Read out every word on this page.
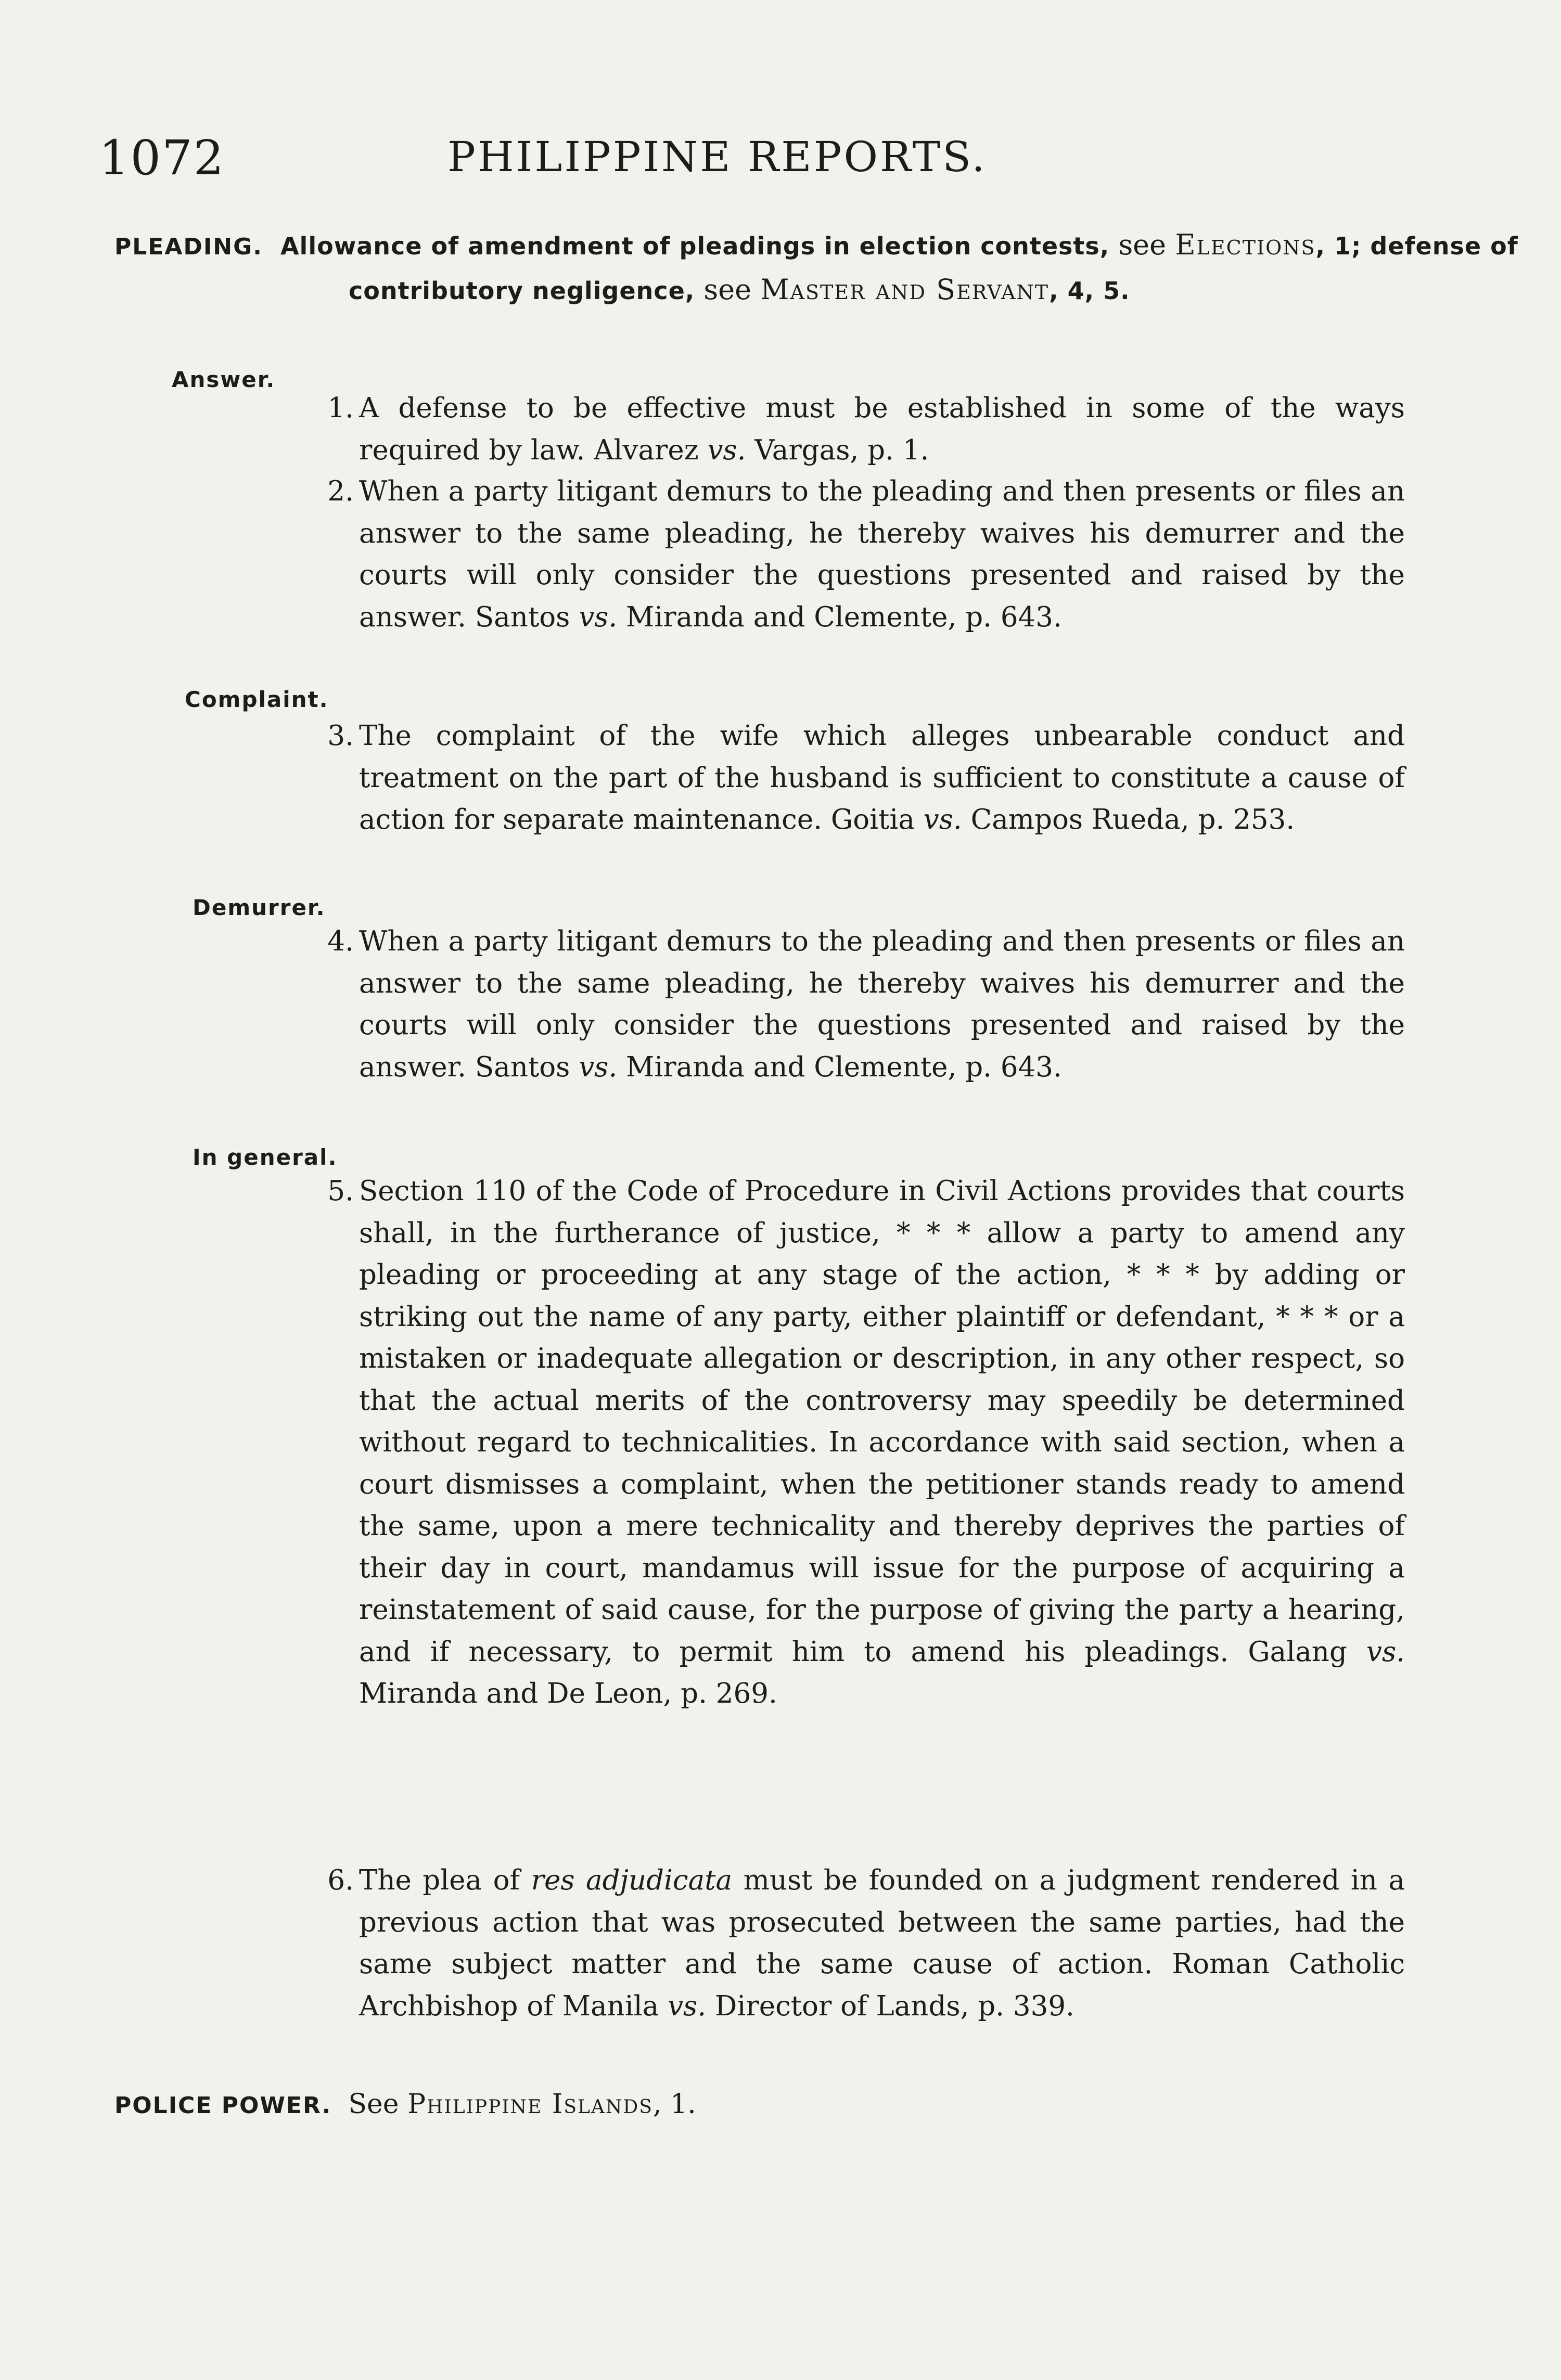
1072	PHILIPPINE REPORTS.
PLEADING. Allowance of amendment of pleadings in election contests, see Elections, 1; defense of contributory negligence, see Master and Servant, 4, 5.
Answer.
1. A defense to be effective must be established in some of the ways required by law. Alvarez vs. Vargas, p. 1.
2. When a party litigant demurs to the pleading and then presents or files an answer to the same pleading, he thereby waives his demurrer and the courts will only consider the questions presented and raised by the answer. Santos vs. Miranda and Clemente, p. 643.
Complaint.
3. The complaint of the wife which alleges unbearable conduct and treatment on the part of the husband is sufficient to constitute a cause of action for separate maintenance. Goitia vs. Campos Rueda, p. 253.
Demurrer.
4. When a party litigant demurs to the pleading and then presents or files an answer to the same pleading, he thereby waives his demurrer and the courts will only consider the questions presented and raised by the answer. Santos vs. Miranda and Clemente, p. 643.
In general.
5. Section 110 of the Code of Procedure in Civil Actions provides that courts shall, in the furtherance of justice, * * * allow a party to amend any pleading or proceeding at any stage of the action, * * * by adding or striking out the name of any party, either plaintiff or defendant, * * * or a mistaken or inadequate allegation or description, in any other respect, so that the actual merits of the controversy may speedily be determined without regard to technicalities. In accordance with said section, when a court dismisses a complaint, when the petitioner stands ready to amend the same, upon a mere technicality and thereby deprives the parties of their day in court, mandamus will issue for the purpose of acquiring a reinstatement of said cause, for the purpose of giving the party a hearing, and if necessary, to permit him to amend his pleadings. Galang vs. Miranda and De Leon, p. 269.
6. The plea of res adjudicata must be founded on a judgment rendered in a previous action that was prosecuted between the same parties, had the same subject matter and the same cause of action. Roman Catholic Archbishop of Manila vs. Director of Lands, p. 339.
POLICE POWER. See Philippine Islands, 1.
